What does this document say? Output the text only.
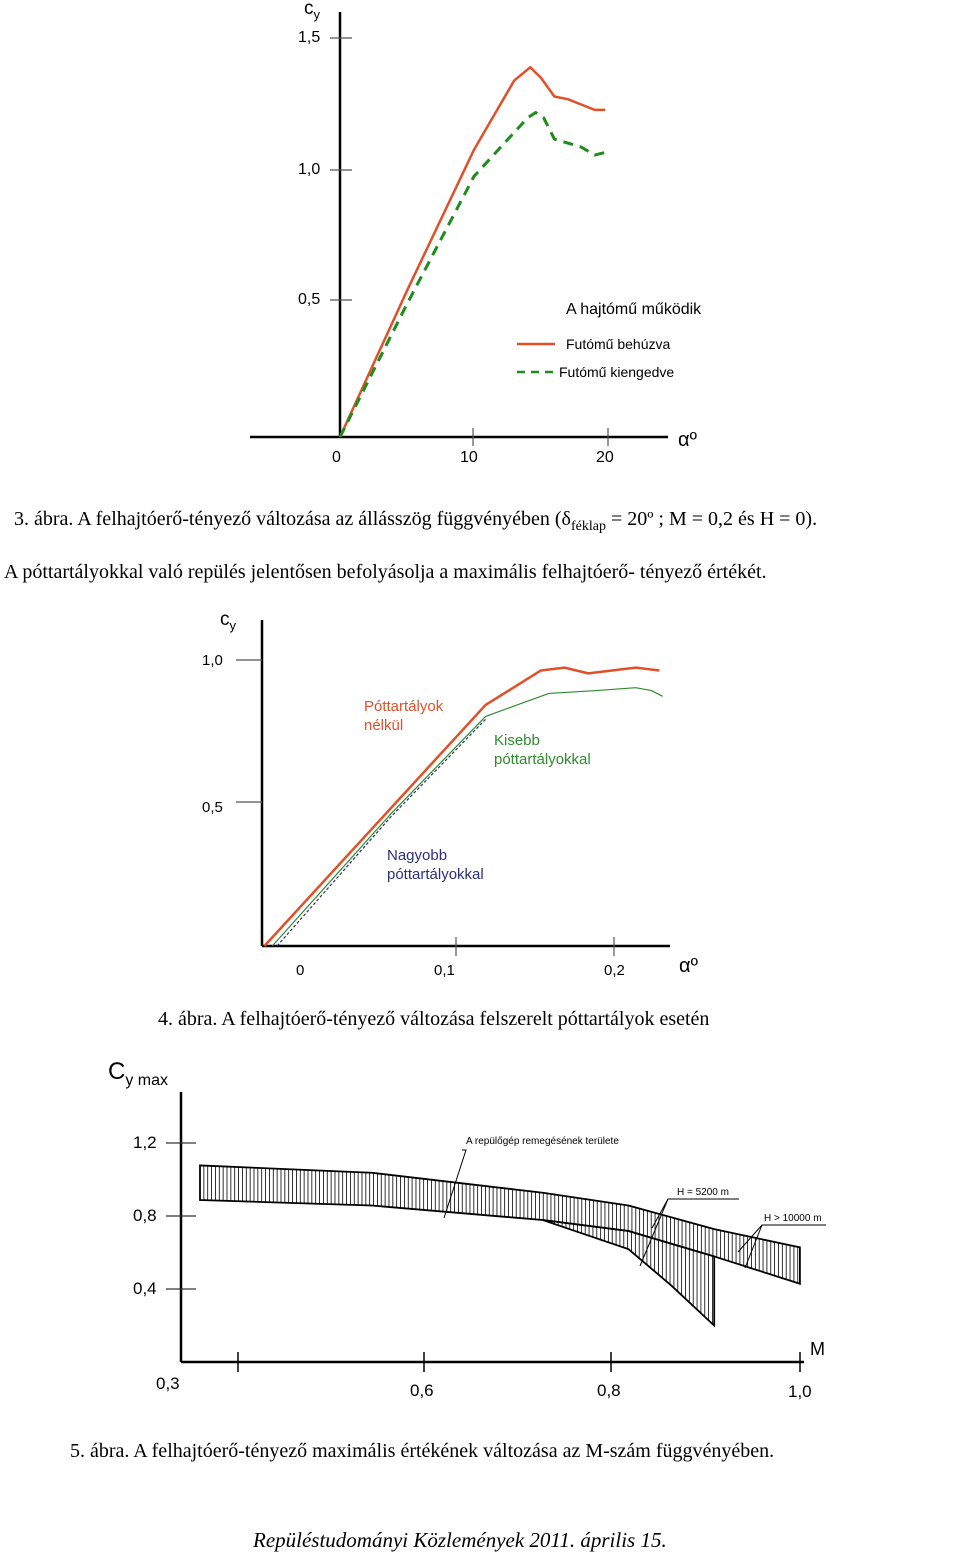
$c_y$
1,5
1,0
0,5
0	10	20
αº
A hajtómű működik
Futómű behúzva
Futómű kiengedve
3. ábra. A felhajtóerő-tényező változása az állásszög függvényében ($\delta_{féklap}$ = 20º ; M = 0,2 és H = 0).
A póttartályokkal való repülés jelentősen befolyásolja a maximális felhajtóerő- tényező értékét.
$c_y$
1,0
0,5
0	0,1	0,2	αº
Póttartályok
nélkül
Kisebb
póttartályokkal
Nagyobb
póttartályokkal
4. ábra. A felhajtóerő-tényező változása felszerelt póttartályok esetén
$C_{y max}$
1,2
0,8
0,4
0,3	0,6	0,8	1,0
M
A repülőgép remegésének területe
H = 5200 m
H > 10000 m
5. ábra. A felhajtóerő-tényező maximális értékének változása az M-szám függvényében.
Repüléstudományi Közlemények 2011. április 15.
